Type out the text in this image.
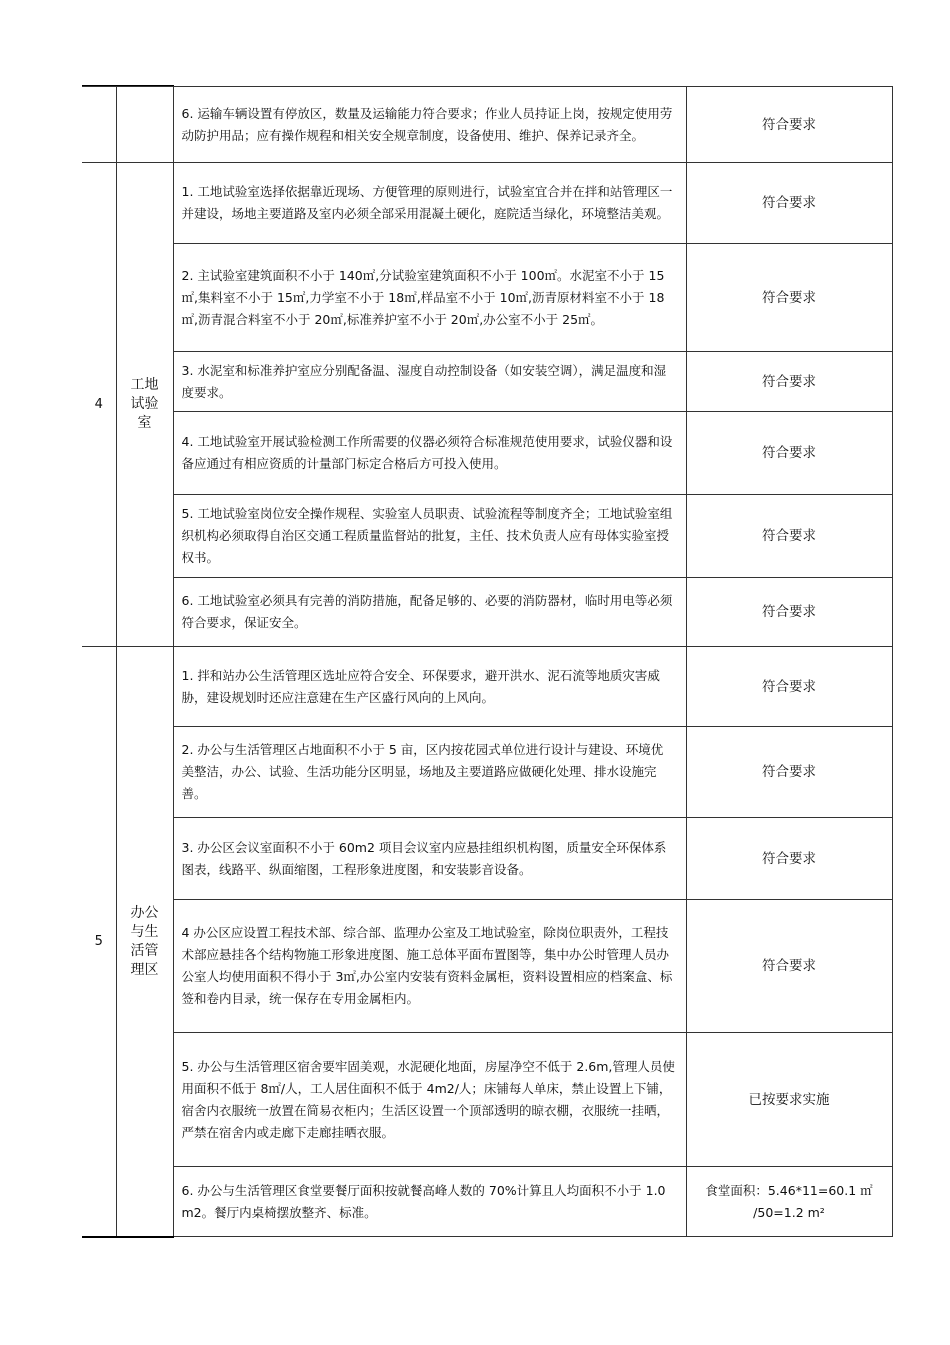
		6. 运输车辆设置有停放区，数量及运输能力符合要求；作业人员持证上岗，按规定使用劳动防护用品；应有操作规程和相关安全规章制度，设备使用、维护、保养记录齐全。	符合要求
4	工地试验室	1. 工地试验室选择依据靠近现场、方便管理的原则进行，试验室宜合并在拌和站管理区一并建设，场地主要道路及室内必须全部采用混凝土硬化，庭院适当绿化，环境整洁美观。	符合要求
		2. 主试验室建筑面积不小于 140㎡,分试验室建筑面积不小于 100㎡。水泥室不小于 15㎡,集料室不小于 15㎡,力学室不小于 18㎡,样品室不小于 10㎡,沥青原材料室不小于 18㎡,沥青混合料室不小于 20㎡,标准养护室不小于 20㎡,办公室不小于 25㎡。	符合要求
		3. 水泥室和标准养护室应分别配备温、湿度自动控制设备（如安装空调），满足温度和湿度要求。	符合要求
		4. 工地试验室开展试验检测工作所需要的仪器必须符合标准规范使用要求，试验仪器和设备应通过有相应资质的计量部门标定合格后方可投入使用。	符合要求
		5. 工地试验室岗位安全操作规程、实验室人员职责、试验流程等制度齐全；工地试验室组织机构必须取得自治区交通工程质量监督站的批复，主任、技术负责人应有母体实验室授权书。	符合要求
		6. 工地试验室必须具有完善的消防措施，配备足够的、必要的消防器材，临时用电等必须符合要求，保证安全。	符合要求
5	办公与生活管理区	1. 拌和站办公生活管理区选址应符合安全、环保要求，避开洪水、泥石流等地质灾害威胁，建设规划时还应注意建在生产区盛行风向的上风向。	符合要求
		2. 办公与生活管理区占地面积不小于 5 亩，区内按花园式单位进行设计与建设、环境优美整洁，办公、试验、生活功能分区明显，场地及主要道路应做硬化处理、排水设施完善。	符合要求
		3. 办公区会议室面积不小于 60m2 项目会议室内应悬挂组织机构图，质量安全环保体系图表，线路平、纵面缩图，工程形象进度图，和安装影音设备。	符合要求
		4 办公区应设置工程技术部、综合部、监理办公室及工地试验室，除岗位职责外，工程技术部应悬挂各个结构物施工形象进度图、施工总体平面布置图等，集中办公时管理人员办公室人均使用面积不得小于 3㎡,办公室内安装有资料金属柜，资料设置相应的档案盒、标签和卷内目录，统一保存在专用金属柜内。	符合要求
		5. 办公与生活管理区宿舍要牢固美观，水泥硬化地面，房屋净空不低于 2.6m,管理人员使用面积不低于 8㎡/人，工人居住面积不低于 4m2/人；床铺每人单床，禁止设置上下铺，宿舍内衣服统一放置在简易衣柜内；生活区设置一个顶部透明的晾衣棚，衣服统一挂晒，严禁在宿舍内或走廊下走廊挂晒衣服。	已按要求实施
		6. 办公与生活管理区食堂要餐厅面积按就餐高峰人数的 70%计算且人均面积不小于 1.0m2。餐厅内桌椅摆放整齐、标准。	食堂面积：5.46*11=60.1 ㎡ /50=1.2 m²
